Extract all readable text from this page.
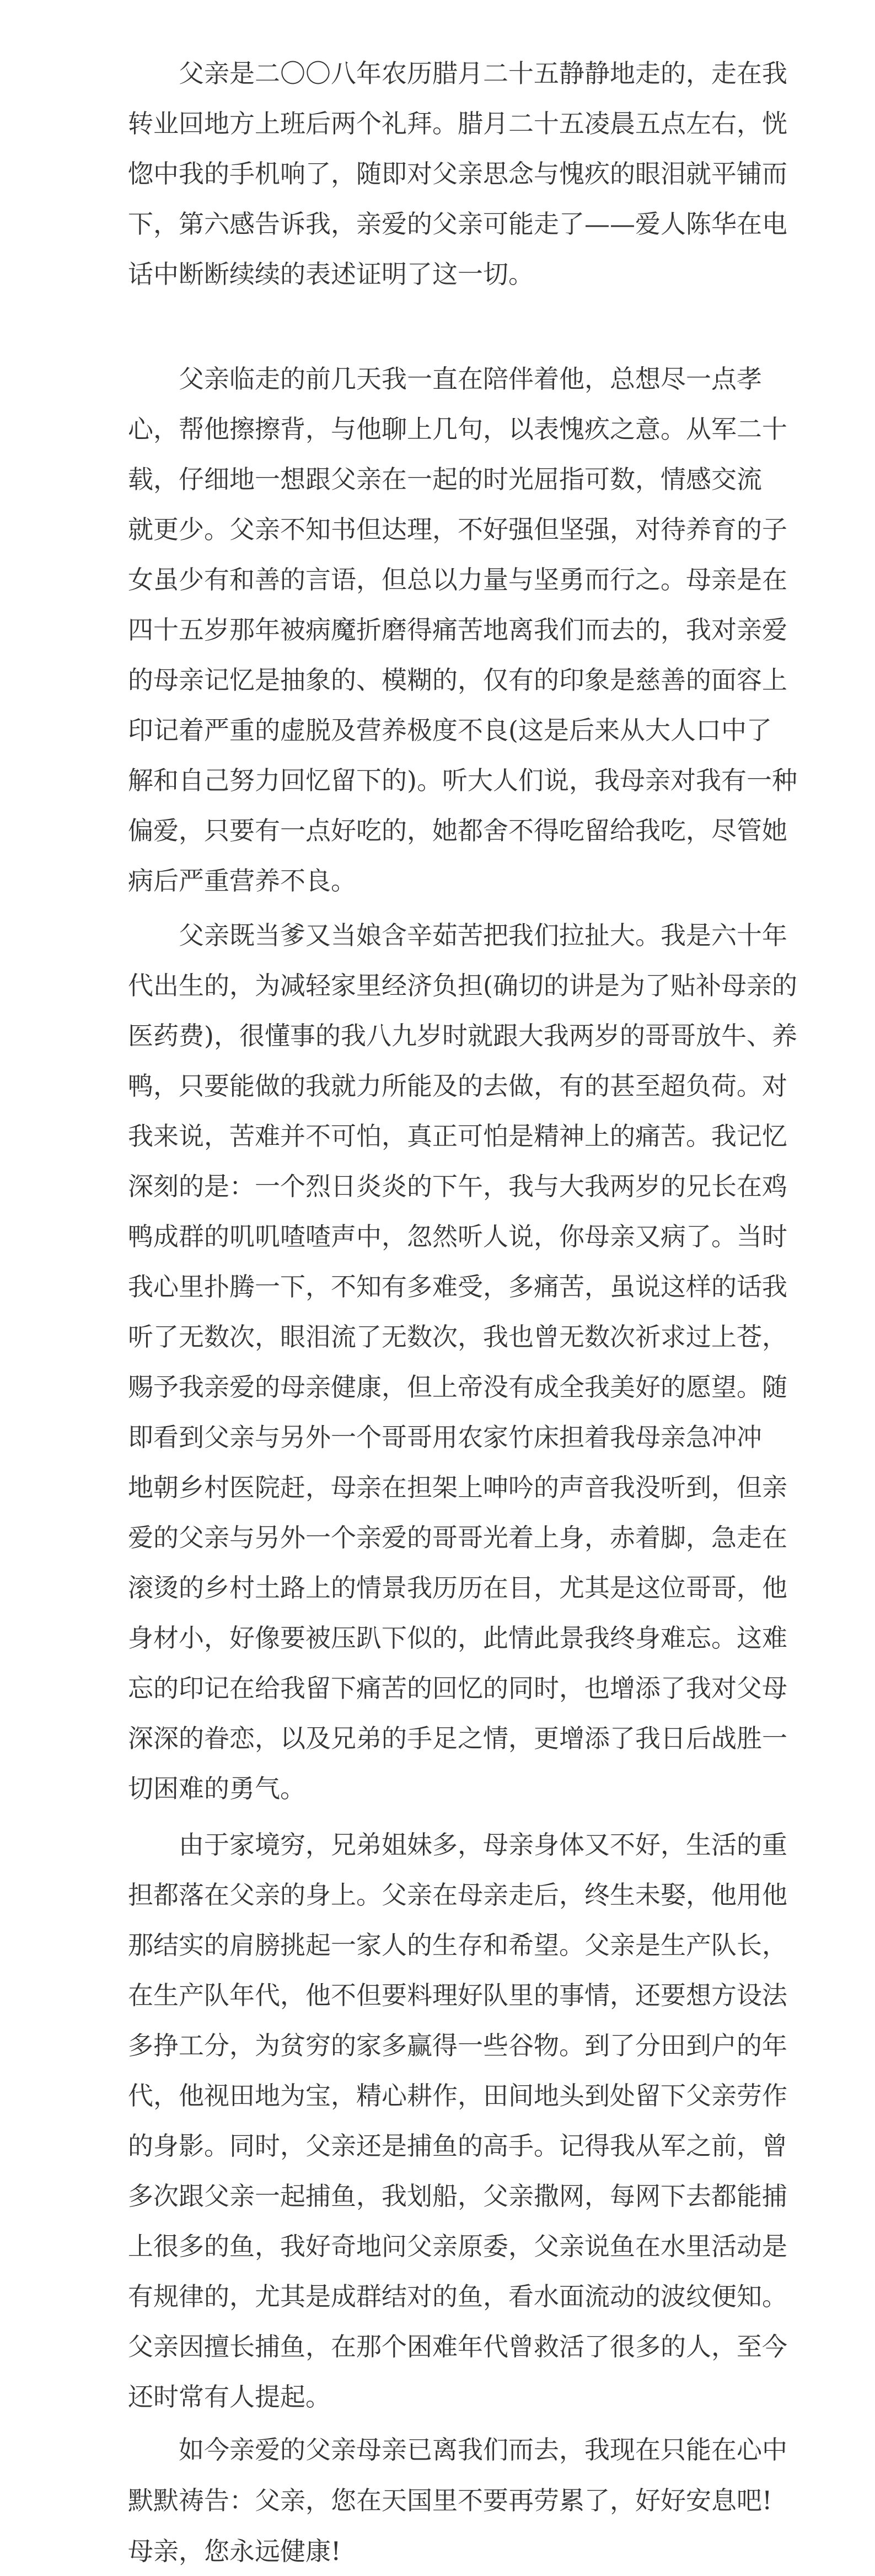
父亲是二〇〇八年农历腊月二十五静静地走的，走在我
转业回地方上班后两个礼拜。腊月二十五凌晨五点左右，恍
惚中我的手机响了，随即对父亲思念与愧疚的眼泪就平铺而
下，第六感告诉我，亲爱的父亲可能走了——爱人陈华在电
话中断断续续的表述证明了这一切。
父亲临走的前几天我一直在陪伴着他，总想尽一点孝
心，帮他擦擦背，与他聊上几句，以表愧疚之意。从军二十
载，仔细地一想跟父亲在一起的时光屈指可数，情感交流
就更少。父亲不知书但达理，不好强但坚强，对待养育的子
女虽少有和善的言语，但总以力量与坚勇而行之。母亲是在
四十五岁那年被病魔折磨得痛苦地离我们而去的，我对亲爱
的母亲记忆是抽象的、模糊的，仅有的印象是慈善的面容上
印记着严重的虚脱及营养极度不良(这是后来从大人口中了
解和自己努力回忆留下的)。听大人们说，我母亲对我有一种
偏爱，只要有一点好吃的，她都舍不得吃留给我吃，尽管她
病后严重营养不良。
父亲既当爹又当娘含辛茹苦把我们拉扯大。我是六十年
代出生的，为减轻家里经济负担(确切的讲是为了贴补母亲的
医药费)，很懂事的我八九岁时就跟大我两岁的哥哥放牛、养
鸭，只要能做的我就力所能及的去做，有的甚至超负荷。对
我来说，苦难并不可怕，真正可怕是精神上的痛苦。我记忆
深刻的是：一个烈日炎炎的下午，我与大我两岁的兄长在鸡
鸭成群的叽叽喳喳声中，忽然听人说，你母亲又病了。当时
我心里扑腾一下，不知有多难受，多痛苦，虽说这样的话我
听了无数次，眼泪流了无数次，我也曾无数次祈求过上苍，
赐予我亲爱的母亲健康，但上帝没有成全我美好的愿望。随
即看到父亲与另外一个哥哥用农家竹床担着我母亲急冲冲
地朝乡村医院赶，母亲在担架上呻吟的声音我没听到，但亲
爱的父亲与另外一个亲爱的哥哥光着上身，赤着脚，急走在
滚烫的乡村土路上的情景我历历在目，尤其是这位哥哥，他
身材小，好像要被压趴下似的，此情此景我终身难忘。这难
忘的印记在给我留下痛苦的回忆的同时，也增添了我对父母
深深的眷恋，以及兄弟的手足之情，更增添了我日后战胜一
切困难的勇气。
由于家境穷，兄弟姐妹多，母亲身体又不好，生活的重
担都落在父亲的身上。父亲在母亲走后，终生未娶，他用他
那结实的肩膀挑起一家人的生存和希望。父亲是生产队长，
在生产队年代，他不但要料理好队里的事情，还要想方设法
多挣工分，为贫穷的家多赢得一些谷物。到了分田到户的年
代，他视田地为宝，精心耕作，田间地头到处留下父亲劳作
的身影。同时，父亲还是捕鱼的高手。记得我从军之前，曾
多次跟父亲一起捕鱼，我划船，父亲撒网，每网下去都能捕
上很多的鱼，我好奇地问父亲原委，父亲说鱼在水里活动是
有规律的，尤其是成群结对的鱼，看水面流动的波纹便知。
父亲因擅长捕鱼，在那个困难年代曾救活了很多的人，至今
还时常有人提起。
如今亲爱的父亲母亲已离我们而去，我现在只能在心中
默默祷告：父亲，您在天国里不要再劳累了，好好安息吧!
母亲，您永远健康!
